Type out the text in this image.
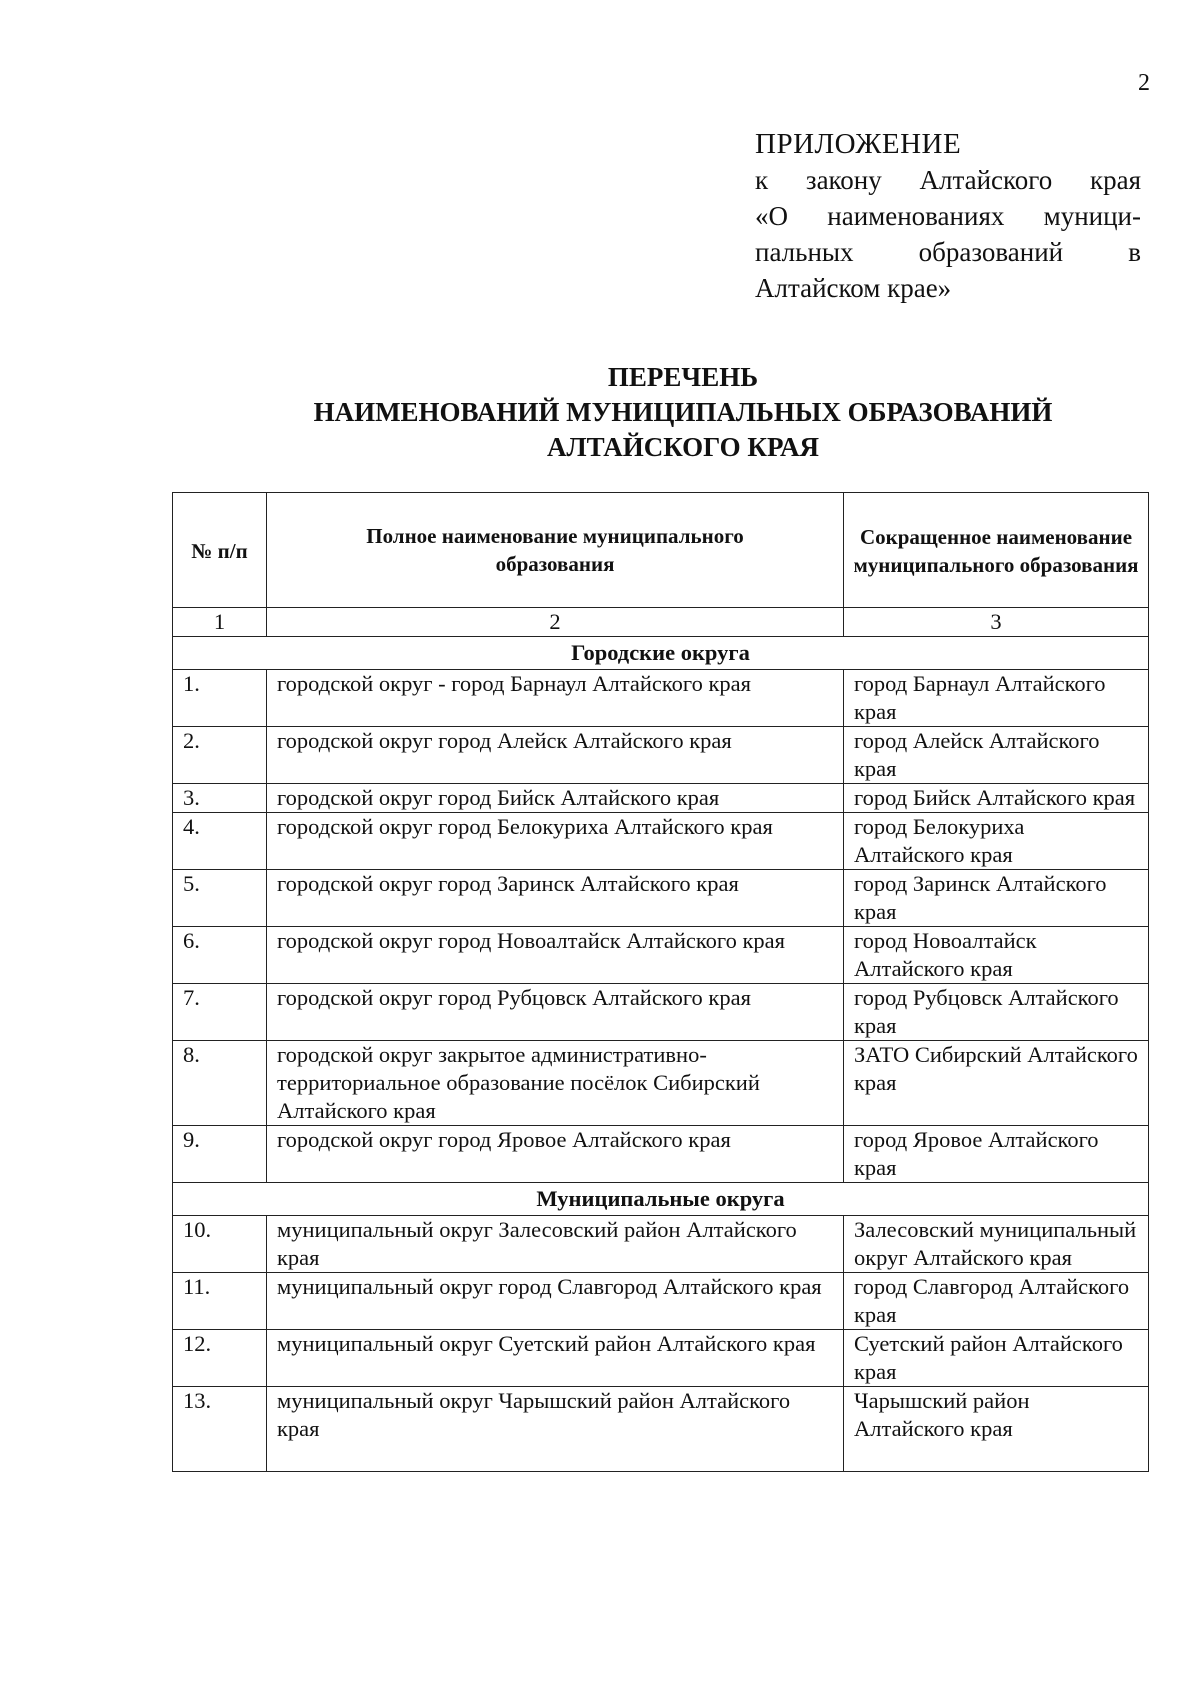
2
ПРИЛОЖЕНИЕ
к закону Алтайского края
«О наименованиях муници-
пальных образований в
Алтайском крае»
ПЕРЕЧЕНЬ
НАИМЕНОВАНИЙ МУНИЦИПАЛЬНЫХ ОБРАЗОВАНИЙ
АЛТАЙСКОГО КРАЯ
№ п/п	Полное наименование муниципального образования	Сокращенное наименование муниципального образования
1	2	3
Городские округа		
1.	городской округ - город Барнаул Алтайского края	город Барнаул Алтайского края
2.	городской округ город Алейск Алтайского края	город Алейск Алтайского края
3.	городской округ город Бийск Алтайского края	город Бийск Алтайского края
4.	городской округ город Белокуриха Алтайского края	город Белокуриха Алтайского края
5.	городской округ город Заринск Алтайского края	город Заринск Алтайского края
6.	городской округ город Новоалтайск Алтайского края	город Новоалтайск Алтайского края
7.	городской округ город Рубцовск Алтайского края	город Рубцовск Алтайского края
8.	городской округ закрытое административно-территориальное образование посёлок Сибирский Алтайского края	ЗАТО Сибирский Алтайского края
9.	городской округ город Яровое Алтайского края	город Яровое Алтайского края
Муниципальные округа		
10.	муниципальный округ Залесовский район Алтайского края	Залесовский муниципальный округ Алтайского края
11.	муниципальный округ город Славгород Алтайского края	город Славгород Алтайского края
12.	муниципальный округ Суетский район Алтайского края	Суетский район Алтайского края
13.	муниципальный округ Чарышский район Алтайского края	Чарышский район Алтайского края
